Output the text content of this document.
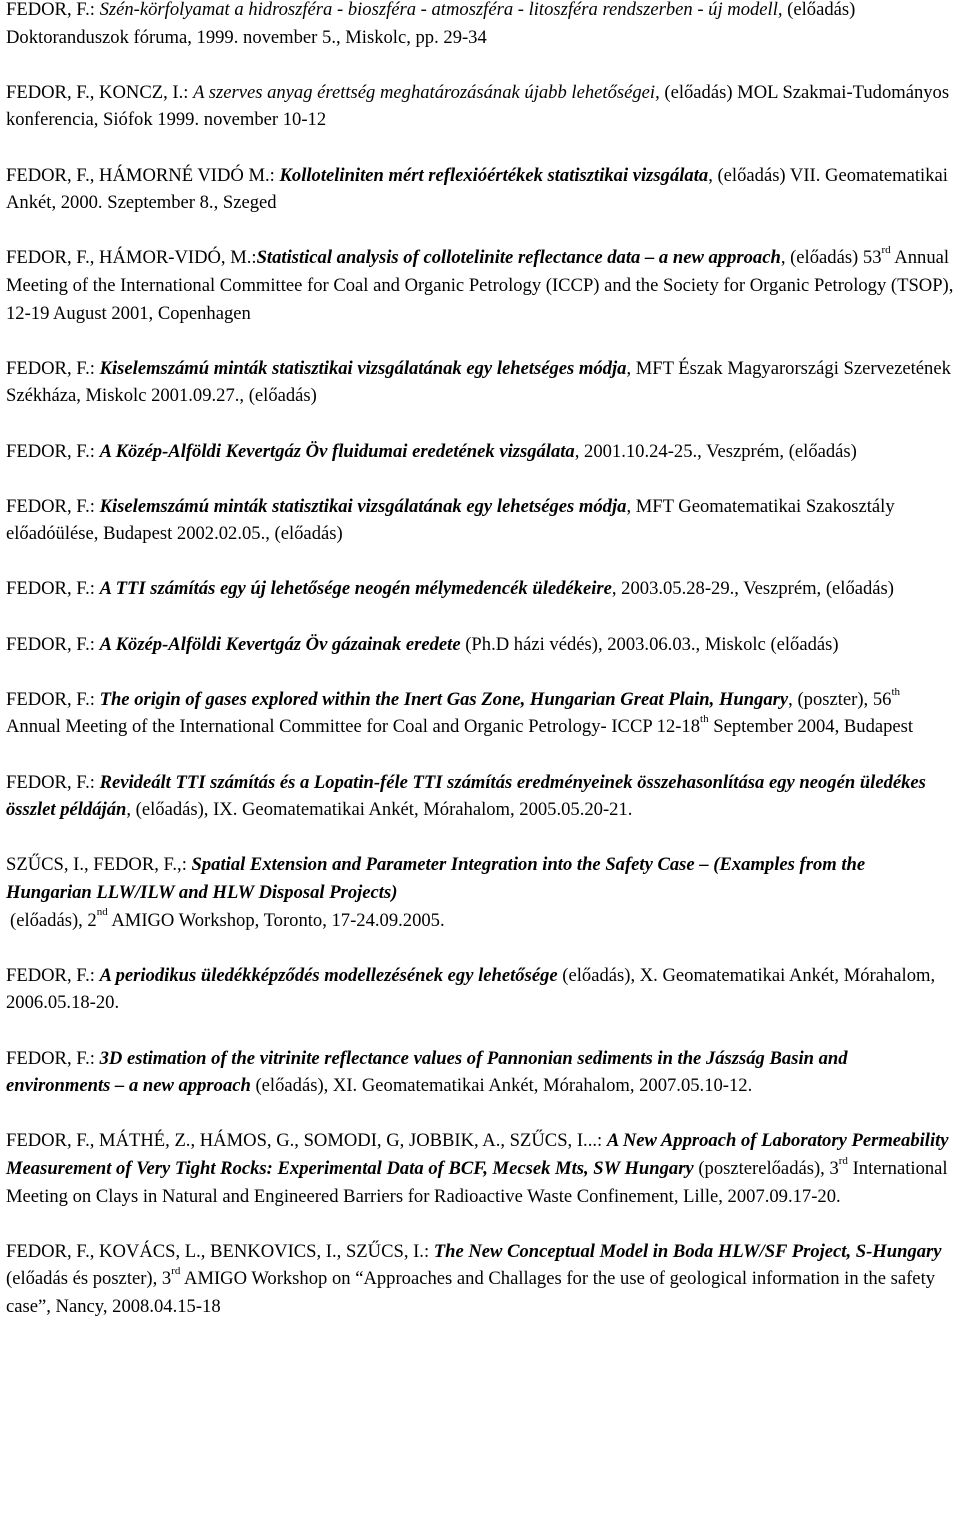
FEDOR, F.: Szén-körfolyamat a hidroszféra - bioszféra - atmoszféra - litoszféra rendszerben - új modell, (előadás) Doktoranduszok fóruma, 1999. november 5., Miskolc, pp. 29-34

FEDOR, F., KONCZ, I.: A szerves anyag érettség meghatározásának újabb lehetőségei, (előadás) MOL Szakmai-Tudományos konferencia, Siófok 1999. november 10-12

FEDOR, F., HÁMORNÉ VIDÓ M.: Kolloteliniten mért reflexióértékek statisztikai vizsgálata, (előadás) VII. Geomatematikai Ankét, 2000. Szeptember 8., Szeged

FEDOR, F., HÁMOR-VIDÓ, M.:Statistical analysis of collotelinite reflectance data – a new approach, (előadás) 53rd Annual Meeting of the International Committee for Coal and Organic Petrology (ICCP) and the Society for Organic Petrology (TSOP), 12-19 August 2001, Copenhagen

FEDOR, F.: Kiselemszámú minták statisztikai vizsgálatának egy lehetséges módja, MFT Észak Magyarországi Szervezetének Székháza, Miskolc 2001.09.27., (előadás)

FEDOR, F.: A Közép-Alföldi Kevertgáz Öv fluidumai eredetének vizsgálata, 2001.10.24-25., Veszprém, (előadás)

FEDOR, F.: Kiselemszámú minták statisztikai vizsgálatának egy lehetséges módja, MFT Geomatematikai Szakosztály előadóülése, Budapest 2002.02.05., (előadás)

FEDOR, F.: A TTI számítás egy új lehetősége neogén mélymedencék üledékeire, 2003.05.28-29., Veszprém, (előadás)

FEDOR, F.: A Közép-Alföldi Kevertgáz Öv gázainak eredete (Ph.D házi védés), 2003.06.03., Miskolc (előadás)

FEDOR, F.: The origin of gases explored within the Inert Gas Zone, Hungarian Great Plain, Hungary, (poszter), 56th Annual Meeting of the International Committee for Coal and Organic Petrology- ICCP 12-18th September 2004, Budapest

FEDOR, F.: Revideált TTI számítás és a Lopatin-féle TTI számítás eredményeinek összehasonlítása egy neogén üledékes összlet példáján, (előadás), IX. Geomatematikai Ankét, Mórahalom, 2005.05.20-21.

SZŰCS, I., FEDOR, F.,: Spatial Extension and Parameter Integration into the Safety Case – (Examples from the Hungarian LLW/ILW and HLW Disposal Projects)
(előadás), 2nd AMIGO Workshop, Toronto, 17-24.09.2005.

FEDOR, F.: A periodikus üledékképződés modellezésének egy lehetősége (előadás), X. Geomatematikai Ankét, Mórahalom, 2006.05.18-20.

FEDOR, F.: 3D estimation of the vitrinite reflectance values of Pannonian sediments in the Jászság Basin and environments – a new approach (előadás), XI. Geomatematikai Ankét, Mórahalom, 2007.05.10-12.

FEDOR, F., MÁTHÉ, Z., HÁMOS, G., SOMODI, G, JOBBIK, A., SZŰCS, I...: A New Approach of Laboratory Permeability Measurement of Very Tight Rocks: Experimental Data of BCF, Mecsek Mts, SW Hungary (poszterelőadás), 3rd International Meeting on Clays in Natural and Engineered Barriers for Radioactive Waste Confinement, Lille, 2007.09.17-20.

FEDOR, F., KOVÁCS, L., BENKOVICS, I., SZŰCS, I.: The New Conceptual Model in Boda HLW/SF Project, S-Hungary (előadás és poszter), 3rd AMIGO Workshop on “Approaches and Challages for the use of geological information in the safety case”, Nancy, 2008.04.15-18
